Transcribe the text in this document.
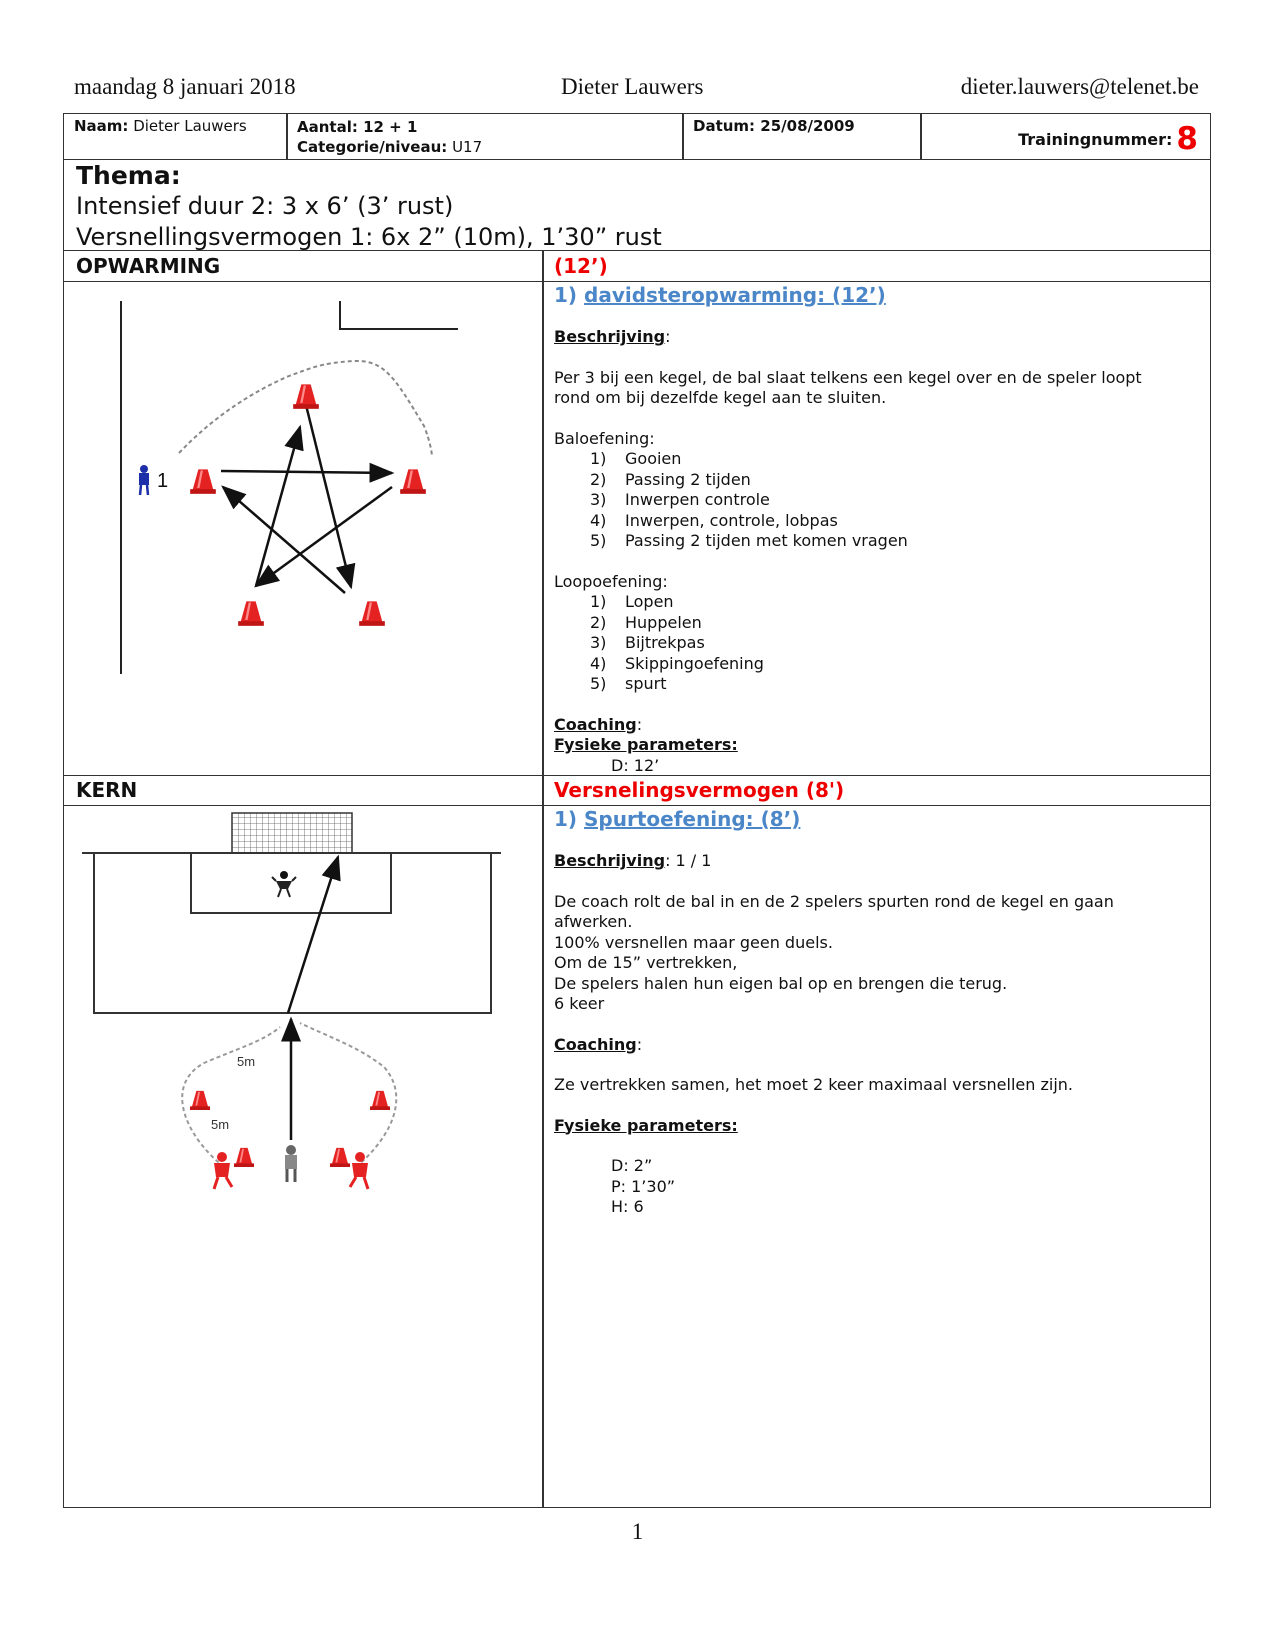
maandag 8 januari 2018	Dieter Lauwers	dieter.lauwers@telenet.be
Naam: Dieter Lauwers	Aantal: 12 + 1
Categorie/niveau: U17
Datum: 25/08/2009
Trainingnummer: 8
Thema:
Intensief duur 2: 3 x 6’ (3’ rust)
Versnellingsvermogen 1: 6x 2” (10m), 1’30” rust
OPWARMING	(12’)
1
1) davidsteropwarming: (12’)
Beschrijving:
Per 3 bij een kegel, de bal slaat telkens een kegel over en de speler loopt
rond om bij dezelfde kegel aan te sluiten.
Baloefening:
1) Gooien
2) Passing 2 tijden
3) Inwerpen controle
4) Inwerpen, controle, lobpas
5) Passing 2 tijden met komen vragen
Loopoefening:
1) Lopen
2) Huppelen
3) Bijtrekpas
4) Skippingoefening
5) spurt
Coaching:
Fysieke parameters:
D: 12’
KERN	Versnelingsvermogen (8')
5m
5m
1) Spurtoefening: (8’)
Beschrijving: 1 / 1
De coach rolt de bal in en de 2 spelers spurten rond de kegel en gaan
afwerken.
100% versnellen maar geen duels.
Om de 15” vertrekken,
De spelers halen hun eigen bal op en brengen die terug.
6 keer
Coaching:
Ze vertrekken samen, het moet 2 keer maximaal versnellen zijn.
Fysieke parameters:
D: 2”
P: 1’30”
H: 6
1
